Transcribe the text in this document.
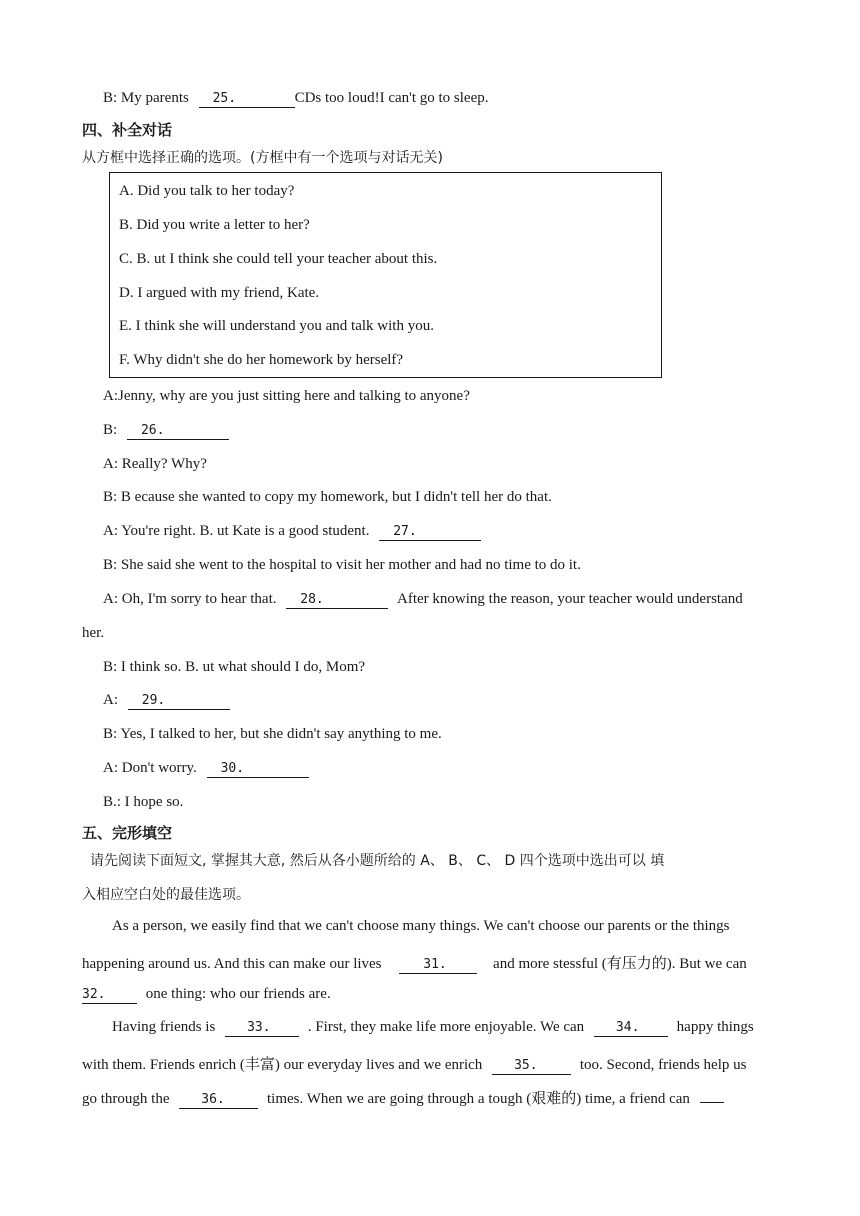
B: My parents 25.	CDs too loud!I can't go to sleep.
四、补全对话
从方框中选择正确的选项。(方框中有一个选项与对话无关)
A. Did you talk to her today?
B. Did you write a letter to her?
C. B. ut I think she could tell your teacher about this.
D. I argued with my friend, Kate.
E. I think she will understand you and talk with you.
F. Why didn't she do her homework by herself?
A:Jenny, why are you just sitting here and talking to anyone?
B: 26.
A: Really? Why?
B: B ecause she wanted to copy my homework, but I didn't tell her do that.
A: You're right. B. ut Kate is a good student. 27.
B: She said she went to the hospital to visit her mother and had no time to do it.
A: Oh, I'm sorry to hear that. 28.	After knowing the reason, your teacher would understand
her.
B: I think so. B. ut what should I do, Mom?
A: 29.
B: Yes, I talked to her, but she didn't say anything to me.
A: Don't worry. 30.
B.: I hope so.
五、完形填空
请先阅读下面短文, 掌握其大意, 然后从各小题所给的 A、 B、 C、 D 四个选项中选出可以 填
入相应空白处的最佳选项。
As a person, we easily find that we can't choose many things. We can't choose our parents or the things
happening around us. And this can make our lives	31.	and more stessful (有压力的). But we can
32.	one thing: who our friends are.
Having friends is 33. . First, they make life more enjoyable. We can 34. happy things
with them. Friends enrich (丰富) our everyday lives and we enrich 35.	too. Second, friends help us
go through the 36.	times. When we are going through a tough (艰难的) time, a friend can
